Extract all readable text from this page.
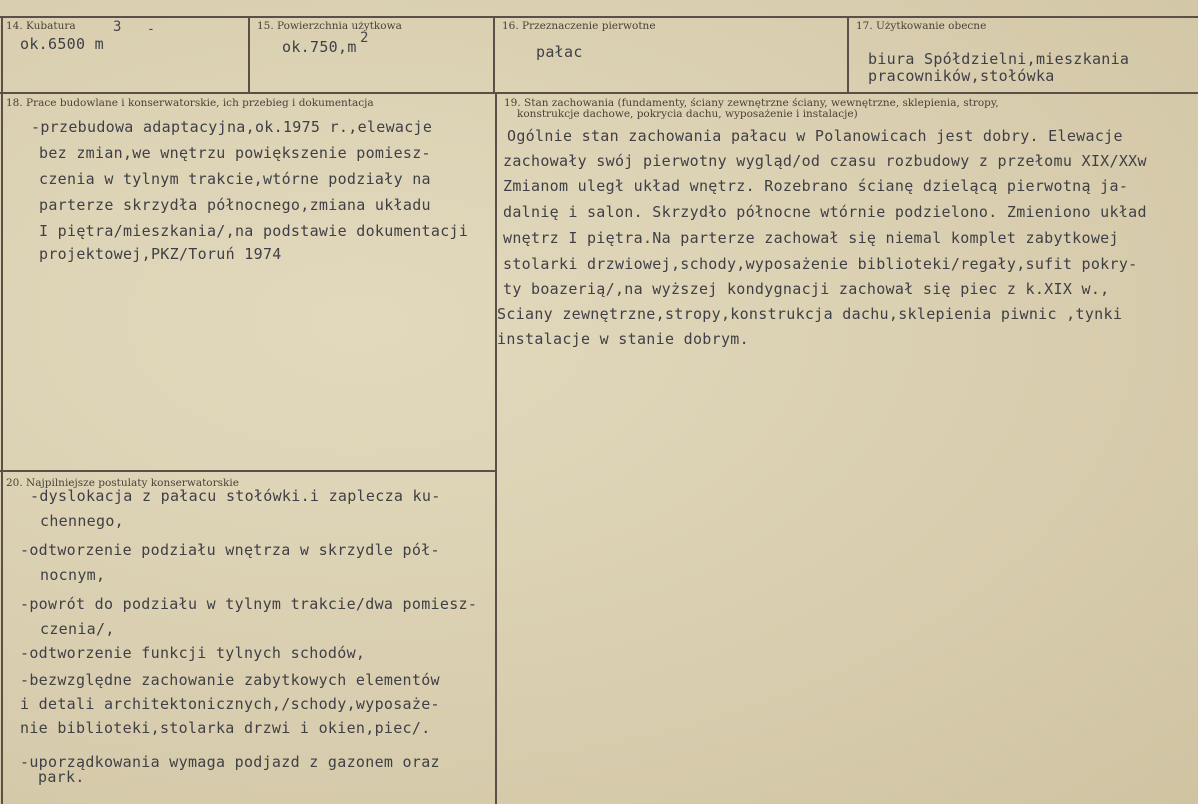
14. Kubatura	3
ok.6500 m
-	15. Powierzchnia użytkowa
ok.750,m 2
16. Przeznaczenie pierwotne
pałac
17. Użytkowanie obecne
biura Spółdzielni,mieszkania
pracowników,stołówka
18. Prace budowlane i konserwatorskie, ich przebieg i dokumentacja
-przebudowa adaptacyjna,ok.1975 r.,elewacje
bez zmian,we wnętrzu powiększenie pomiesz-
czenia w tylnym trakcie,wtórne podziały na
parterze skrzydła północnego,zmiana układu
I piętra/mieszkania/,na podstawie dokumentacji
projektowej,PKZ/Toruń 1974
19. Stan zachowania (fundamenty, ściany zewnętrzne ściany, wewnętrzne, sklepienia, stropy,
konstrukcje dachowe, pokrycia dachu, wyposażenie i instalacje)
Ogólnie stan zachowania pałacu w Polanowicach jest dobry. Elewacje
zachowały swój pierwotny wygląd/od czasu rozbudowy z przełomu XIX/XXw
Zmianom uległ układ wnętrz. Rozebrano ścianę dzielącą pierwotną ja-
dalnię i salon. Skrzydło północne wtórnie podzielono. Zmieniono układ
wnętrz I piętra.Na parterze zachował się niemal komplet zabytkowej
stolarki drzwiowej,schody,wyposażenie biblioteki/regały,sufit pokry-
ty boazerią/,na wyższej kondygnacji zachował się piec z k.XIX w.,
Sciany zewnętrzne,stropy,konstrukcja dachu,sklepienia piwnic ,tynki
instalacje w stanie dobrym.
20. Najpilniejsze postulaty konserwatorskie
-dyslokacja z pałacu stołówki.i zaplecza ku-
chennego,
-odtworzenie podziału wnętrza w skrzydle pół-
nocnym,
-powrót do podziału w tylnym trakcie/dwa pomiesz-
czenia/,
-odtworzenie funkcji tylnych schodów,
-bezwzględne zachowanie zabytkowych elementów
i detali architektonicznych,/schody,wyposaże-
nie biblioteki,stolarka drzwi i okien,piec/.
-uporządkowania wymaga podjazd z gazonem oraz
park.
